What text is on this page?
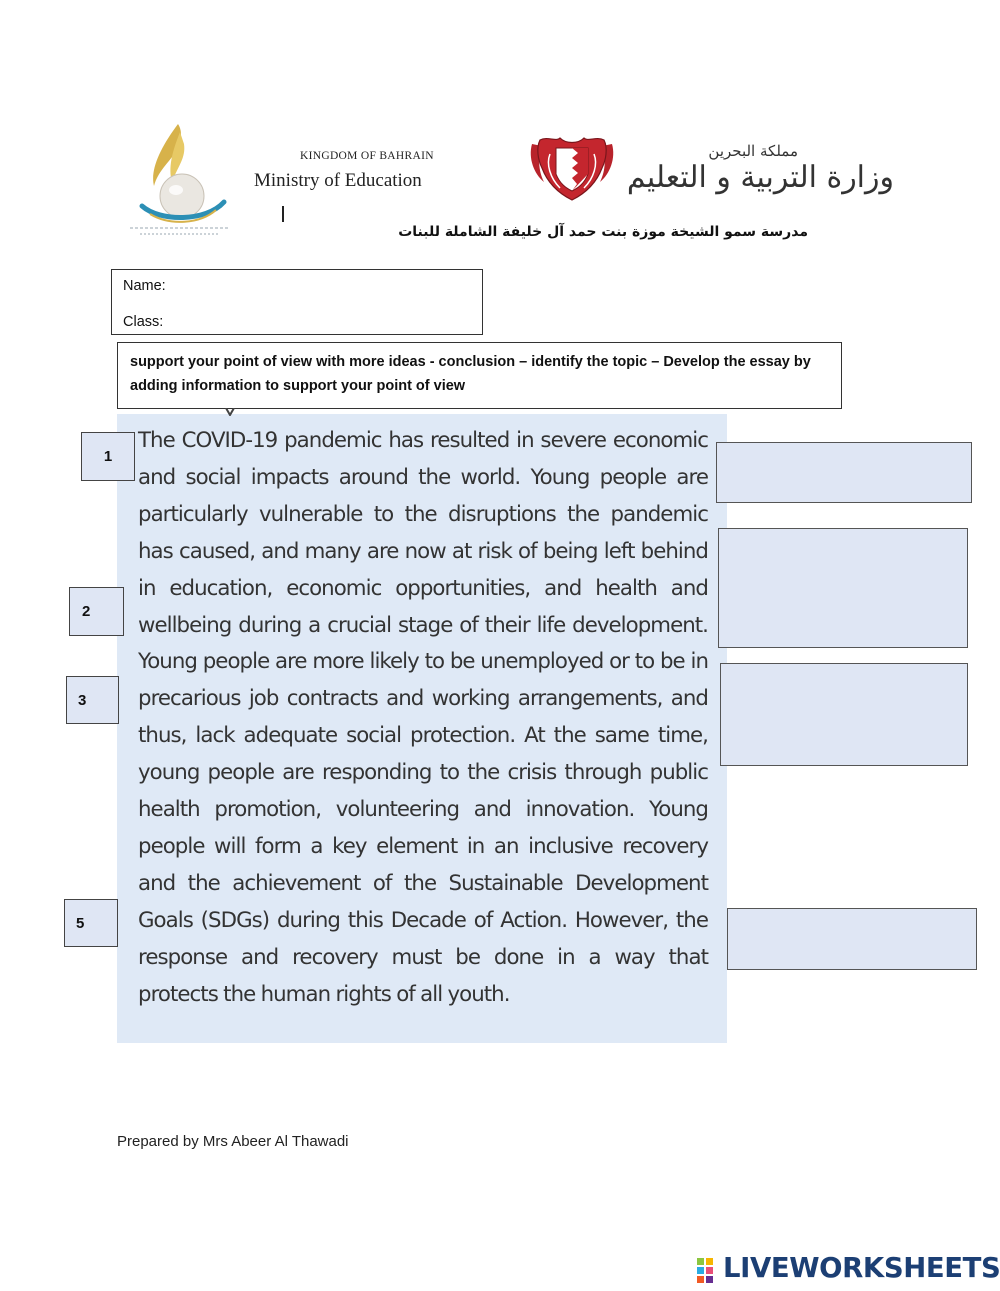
KINGDOM OF BAHRAIN
Ministry of Education
مملكة البحرين
وزارة التربية و التعليم
مدرسة سمو الشيخة موزة بنت حمد آل خليفة الشاملة للبنات
Name:
Class:
support your point of view with more ideas - conclusion – identify the topic – Develop the essay by adding information to support your point of view
The COVID-19 pandemic has resulted in severe economic and social impacts around the world. Young people are particularly vulnerable to the disruptions the pandemic has caused, and many are now at risk of being left behind in education, economic opportunities, and health and wellbeing during a crucial stage of their life development. Young people are more likely to be unemployed or to be in precarious job contracts and working arrangements, and thus, lack adequate social protection. At the same time, young people are responding to the crisis through public health promotion, volunteering and innovation. Young people will form a key element in an inclusive recovery and the achievement of the Sustainable Development Goals (SDGs) during this Decade of Action. However, the response and recovery must be done in a way that protects the human rights of all youth.
1
2
3
5
Prepared by Mrs Abeer Al Thawadi
LIVEWORKSHEETS
